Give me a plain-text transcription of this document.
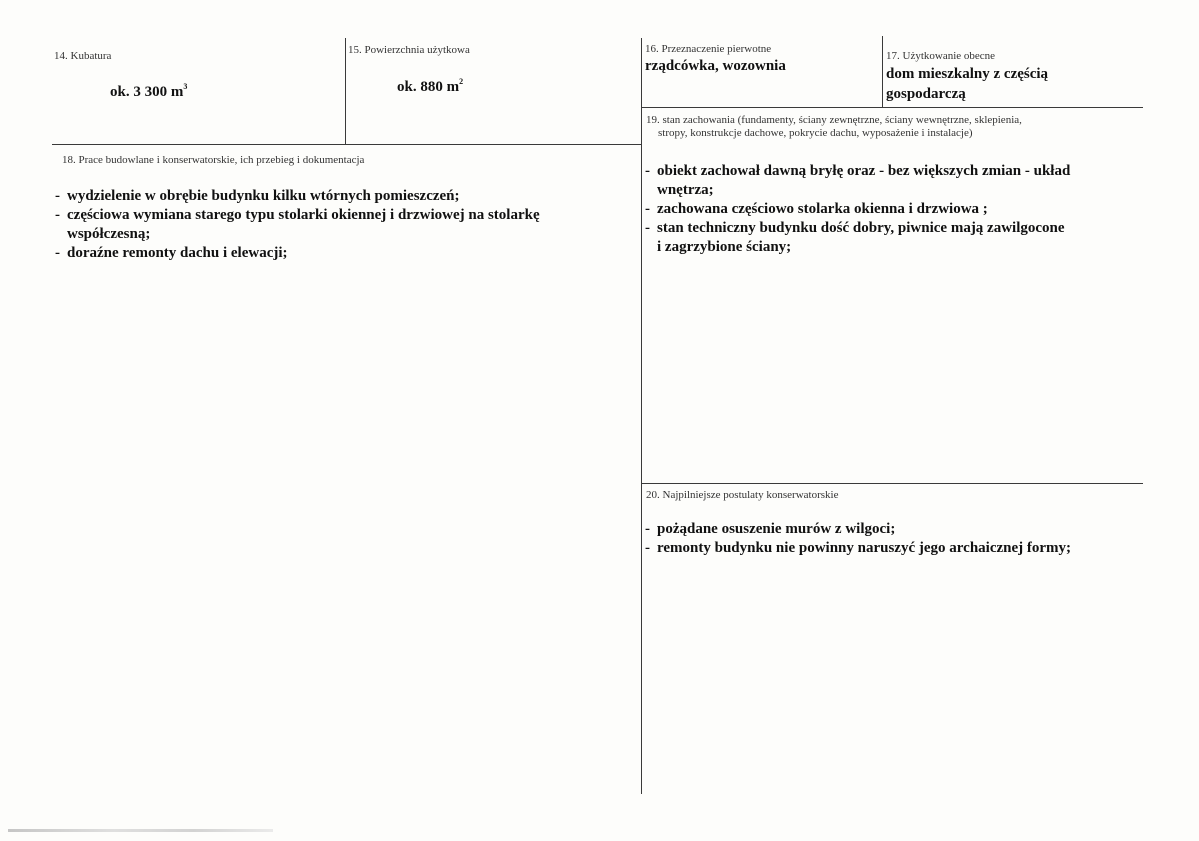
14. Kubatura
ok. 3 300 $m^3$
15. Powierzchnia użytkowa
ok. 880 $m^2$
16. Przeznaczenie pierwotne
rządcówka, wozownia
17. Użytkowanie obecne
dom mieszkalny z częścią
gospodarczą
19. stan zachowania (fundamenty, ściany zewnętrzne, ściany wewnętrzne, sklepienia,
stropy, konstrukcje dachowe, pokrycie dachu, wyposażenie i instalacje)
18. Prace budowlane i konserwatorskie, ich przebieg i dokumentacja
- wydzielenie w obrębie budynku kilku wtórnych pomieszczeń;
- częściowa wymiana starego typu stolarki okiennej i drzwiowej na stolarkę
współczesną;
- doraźne remonty dachu i elewacji;
- obiekt zachował dawną bryłę oraz - bez większych zmian - układ
wnętrza;
- zachowana częściowo stolarka okienna i drzwiowa ;
- stan techniczny budynku dość dobry, piwnice mają zawilgocone
i zagrzybione ściany;
20. Najpilniejsze postulaty konserwatorskie
- pożądane osuszenie murów z wilgoci;
- remonty budynku nie powinny naruszyć jego archaicznej formy;
